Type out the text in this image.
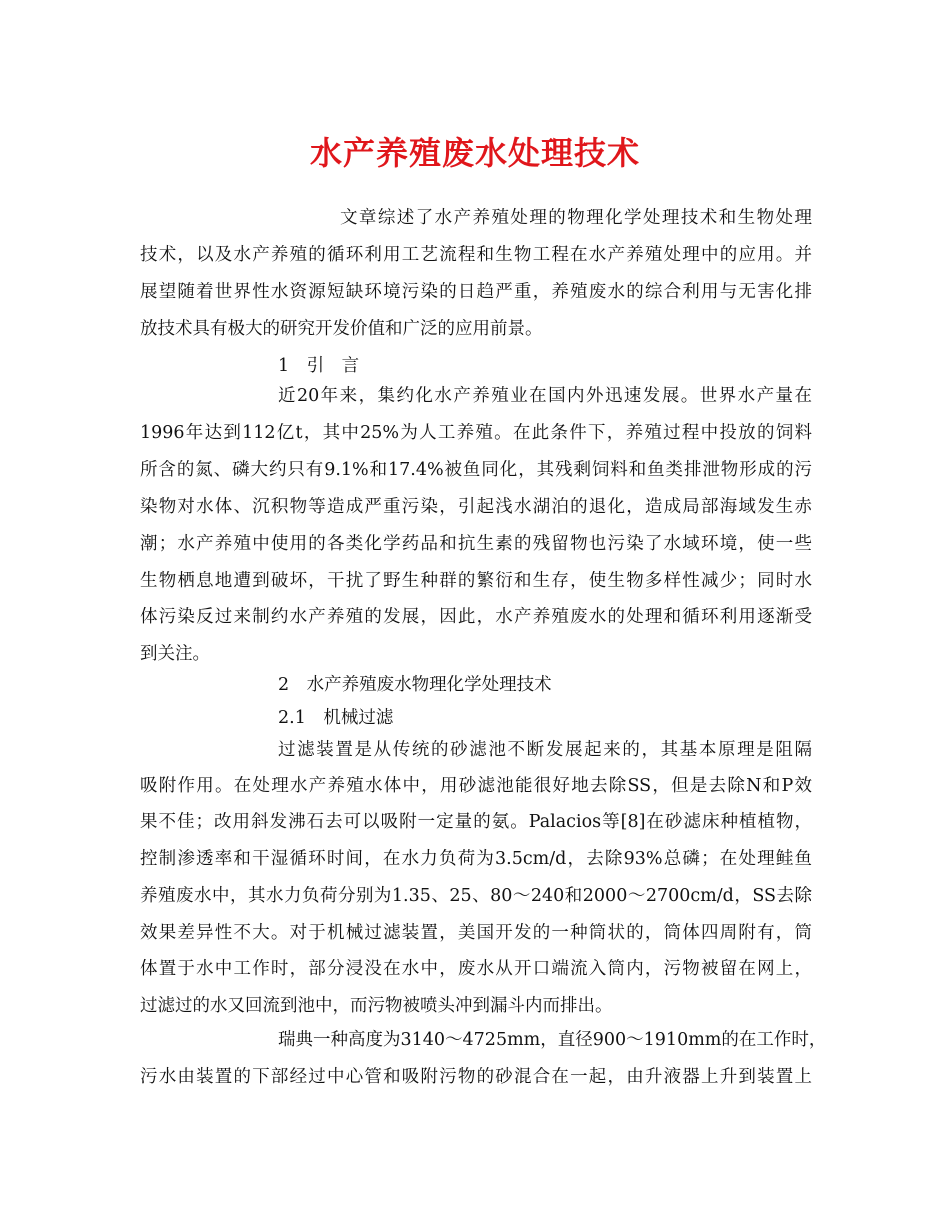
水产养殖废水处理技术
文章综述了水产养殖处理的物理化学处理技术和生物处理
技术，以及水产养殖的循环利用工艺流程和生物工程在水产养殖处理中的应用。并
展望随着世界性水资源短缺环境污染的日趋严重，养殖废水的综合利用与无害化排
放技术具有极大的研究开发价值和广泛的应用前景。
1　引　言
近20年来，集约化水产养殖业在国内外迅速发展。世界水产量在
1996年达到112亿t，其中25%为人工养殖。在此条件下，养殖过程中投放的饲料
所含的氮、磷大约只有9.1%和17.4%被鱼同化，其残剩饲料和鱼类排泄物形成的污
染物对水体、沉积物等造成严重污染，引起浅水湖泊的退化，造成局部海域发生赤
潮；水产养殖中使用的各类化学药品和抗生素的残留物也污染了水域环境，使一些
生物栖息地遭到破坏，干扰了野生种群的繁衍和生存，使生物多样性减少；同时水
体污染反过来制约水产养殖的发展，因此，水产养殖废水的处理和循环利用逐渐受
到关注。
2　水产养殖废水物理化学处理技术
2.1　机械过滤
过滤装置是从传统的砂滤池不断发展起来的，其基本原理是阻隔
吸附作用。在处理水产养殖水体中，用砂滤池能很好地去除SS，但是去除N和P效
果不佳；改用斜发沸石去可以吸附一定量的氨。Palacios等[8]在砂滤床种植植物，
控制渗透率和干湿循环时间，在水力负荷为3.5cm/d，去除93%总磷；在处理鲑鱼
养殖废水中，其水力负荷分别为1.35、25、80～240和2000～2700cm/d，SS去除
效果差异性不大。对于机械过滤装置，美国开发的一种筒状的，筒体四周附有，筒
体置于水中工作时，部分浸没在水中，废水从开口端流入筒内，污物被留在网上，
过滤过的水又回流到池中，而污物被喷头冲到漏斗内而排出。
瑞典一种高度为3140～4725mm，直径900～1910mm的在工作时，
污水由装置的下部经过中心管和吸附污物的砂混合在一起，由升液器上升到装置上
